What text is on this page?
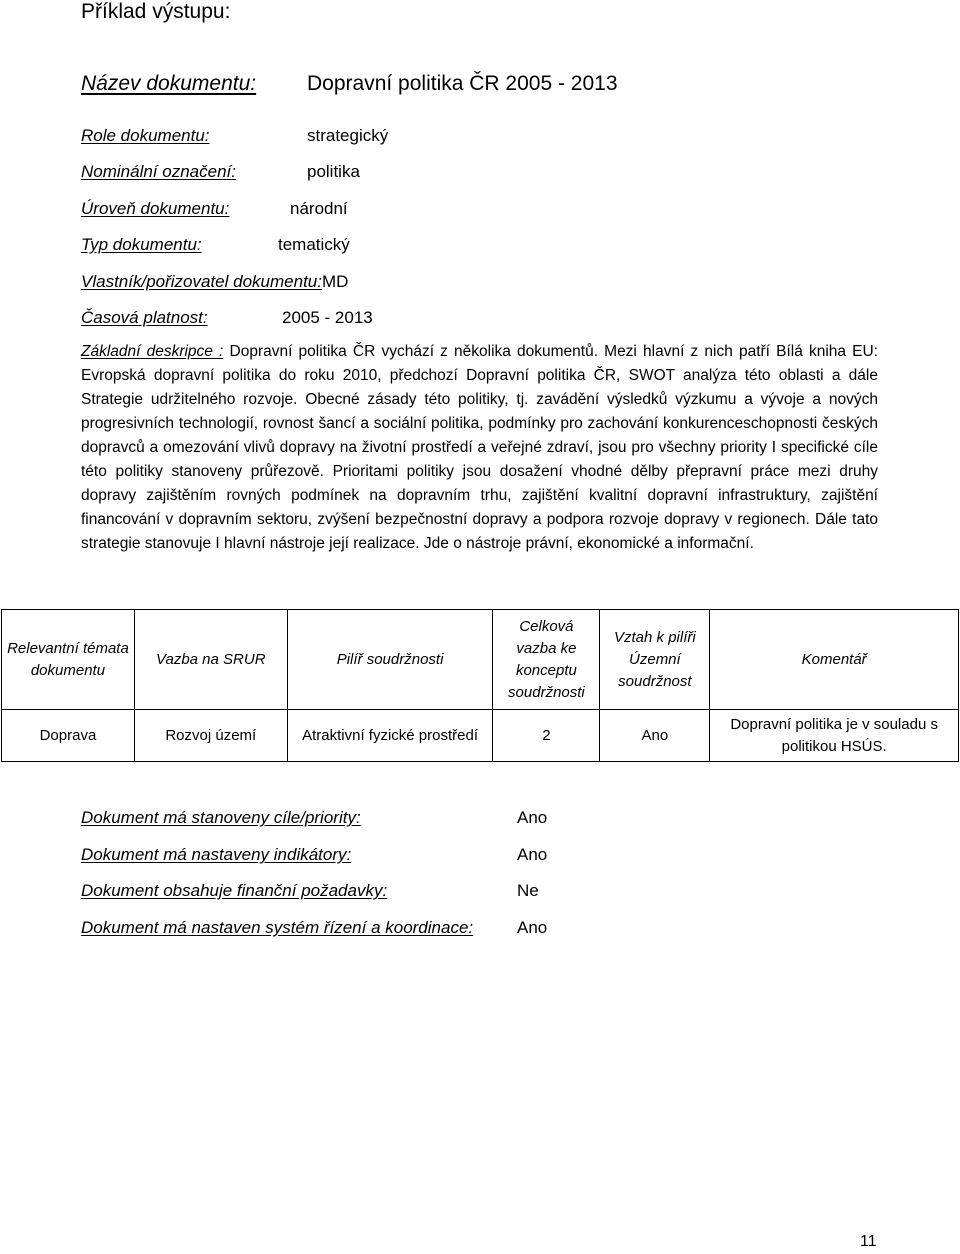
Příklad výstupu:
Název dokumentu: Dopravní politika ČR 2005 - 2013
Role dokumentu:	strategický
Nominální označení:	politika
Úroveň dokumentu:	národní
Typ dokumentu:	tematický
Vlastník/pořizovatel dokumentu:MD
Časová platnost:	2005 - 2013
Základní deskripce : Dopravní politika ČR vychází z několika dokumentů. Mezi hlavní z nich patří Bílá kniha EU: Evropská dopravní politika do roku 2010, předchozí Dopravní politika ČR, SWOT analýza této oblasti a dále Strategie udržitelného rozvoje. Obecné zásady této politiky, tj. zavádění výsledků výzkumu a vývoje a nových progresivních technologií, rovnost šancí a sociální politika, podmínky pro zachování konkurenceschopnosti českých dopravců a omezování vlivů dopravy na životní prostředí a veřejné zdraví, jsou pro všechny priority I specifické cíle této politiky stanoveny průřezově. Prioritami politiky jsou dosažení vhodné dělby přepravní práce mezi druhy dopravy zajištěním rovných podmínek na dopravním trhu, zajištění kvalitní dopravní infrastruktury, zajištění financování v dopravním sektoru, zvýšení bezpečnostní dopravy a podpora rozvoje dopravy v regionech. Dále tato strategie stanovuje I hlavní nástroje její realizace. Jde o nástroje právní, ekonomické a informační.
Relevantní témata dokumentu	Vazba na SRUR	Pilíř soudržnosti	Celková vazba ke konceptu soudržnosti	Vztah k pilíři Územní soudržnost	Komentář
Doprava	Rozvoj území	Atraktivní fyzické prostředí	2	Ano	Dopravní politika je v souladu s politikou HSÚS.
Dokument má stanoveny cíle/priority:	Ano
Dokument má nastaveny indikátory:	Ano
Dokument obsahuje finanční požadavky:	Ne
Dokument má nastaven systém řízení a koordinace:	Ano
11
